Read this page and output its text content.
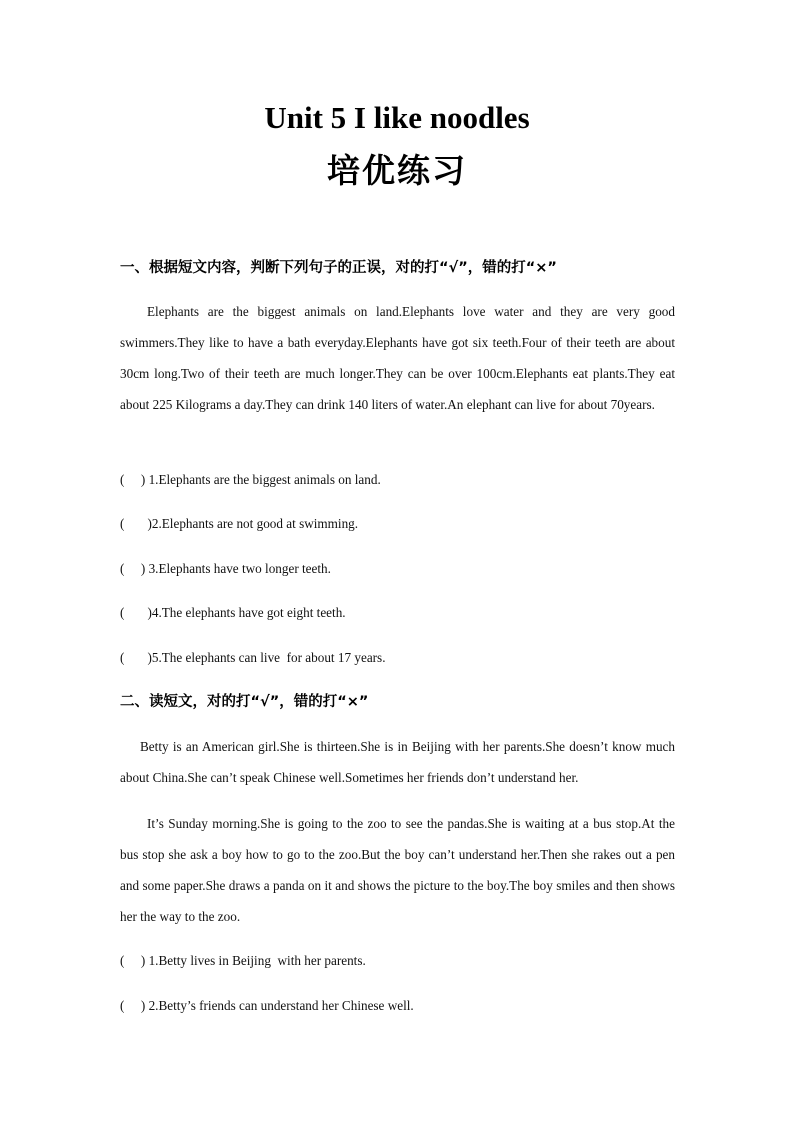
Unit 5 I like noodles
培优练习
一、根据短文内容，判断下列句子的正误，对的打“√”，错的打“×”

Elephants are the biggest animals on land.Elephants love water and they are very good swimmers.They like to have a bath everyday.Elephants have got six teeth.Four of their teeth are about 30cm long.Two of their teeth are much longer.They can be over 100cm.Elephants eat plants.They eat about 225 Kilograms a day.They can drink 140 liters of water.An elephant can live for about 70years.

(     ) 1.Elephants are the biggest animals on land.
(       )2.Elephants are not good at swimming.
(     ) 3.Elephants have two longer teeth.
(       )4.The elephants have got eight teeth.
(       )5.The elephants can live  for about 17 years.
二、读短文，对的打“√”，错的打“×”

Betty is an American girl.She is thirteen.She is in Beijing with her parents.She doesn’t know much about China.She can’t speak Chinese well.Sometimes her friends don’t understand her.

It’s Sunday morning.She is going to the zoo to see the pandas.She is waiting at a bus stop.At the bus stop she ask a boy how to go to the zoo.But the boy can’t understand her.Then she rakes out a pen and some paper.She draws a panda on it and shows the picture to the boy.The boy smiles and then shows her the way to the zoo.

(     ) 1.Betty lives in Beijing  with her parents.
(     ) 2.Betty’s friends can understand her Chinese well.
